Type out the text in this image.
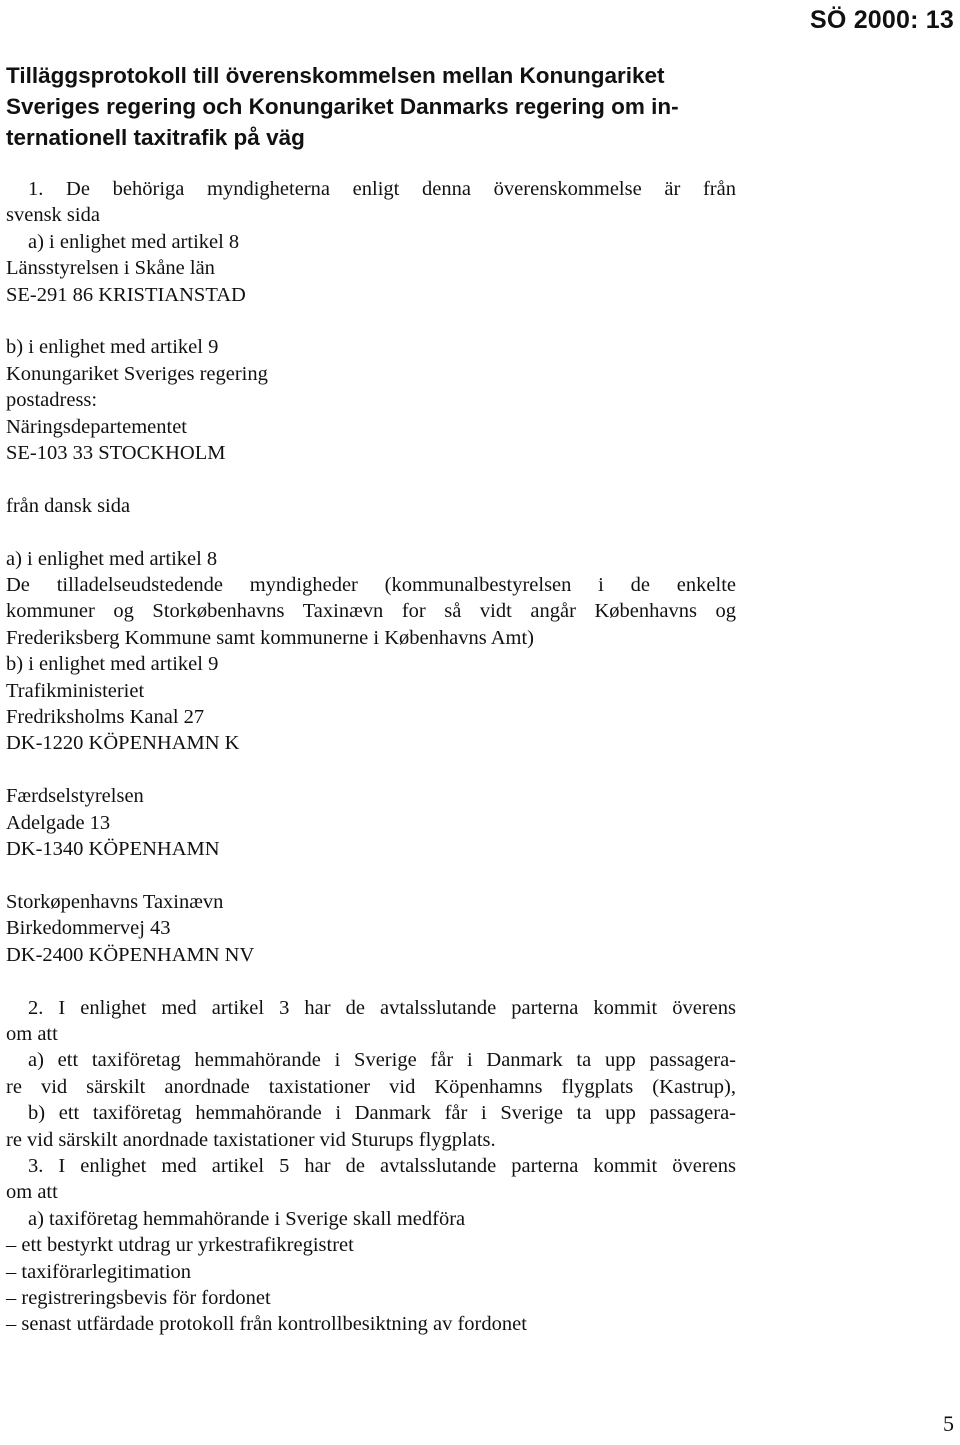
SÖ 2000: 13
Tilläggsprotokoll till överenskommelsen mellan Konungariket
Sveriges regering och Konungariket Danmarks regering om in-
ternationell taxitrafik på väg
1. De behöriga myndigheterna enligt denna överenskommelse är från
svensk sida
a) i enlighet med artikel 8
Länsstyrelsen i Skåne län
SE-291 86 KRISTIANSTAD
b) i enlighet med artikel 9
Konungariket Sveriges regering
postadress:
Näringsdepartementet
SE-103 33 STOCKHOLM
från dansk sida
a) i enlighet med artikel 8
De tilladelseudstedende myndigheder (kommunalbestyrelsen i de enkelte
kommuner og Storkøbenhavns Taxinævn for så vidt angår Københavns og
Frederiksberg Kommune samt kommunerne i Københavns Amt)
b) i enlighet med artikel 9
Trafikministeriet
Fredriksholms Kanal 27
DK-1220 KÖPENHAMN K
Færdselstyrelsen
Adelgade 13
DK-1340 KÖPENHAMN
Storkøpenhavns Taxinævn
Birkedommervej 43
DK-2400 KÖPENHAMN NV
2. I enlighet med artikel 3 har de avtalsslutande parterna kommit överens
om att
a) ett taxiföretag hemmahörande i Sverige får i Danmark ta upp passagera-
re vid särskilt anordnade taxistationer vid Köpenhamns flygplats (Kastrup),
b) ett taxiföretag hemmahörande i Danmark får i Sverige ta upp passagera-
re vid särskilt anordnade taxistationer vid Sturups flygplats.
3. I enlighet med artikel 5 har de avtalsslutande parterna kommit överens
om att
a) taxiföretag hemmahörande i Sverige skall medföra
– ett bestyrkt utdrag ur yrkestrafikregistret
– taxiförarlegitimation
– registreringsbevis för fordonet
– senast utfärdade protokoll från kontrollbesiktning av fordonet
5
